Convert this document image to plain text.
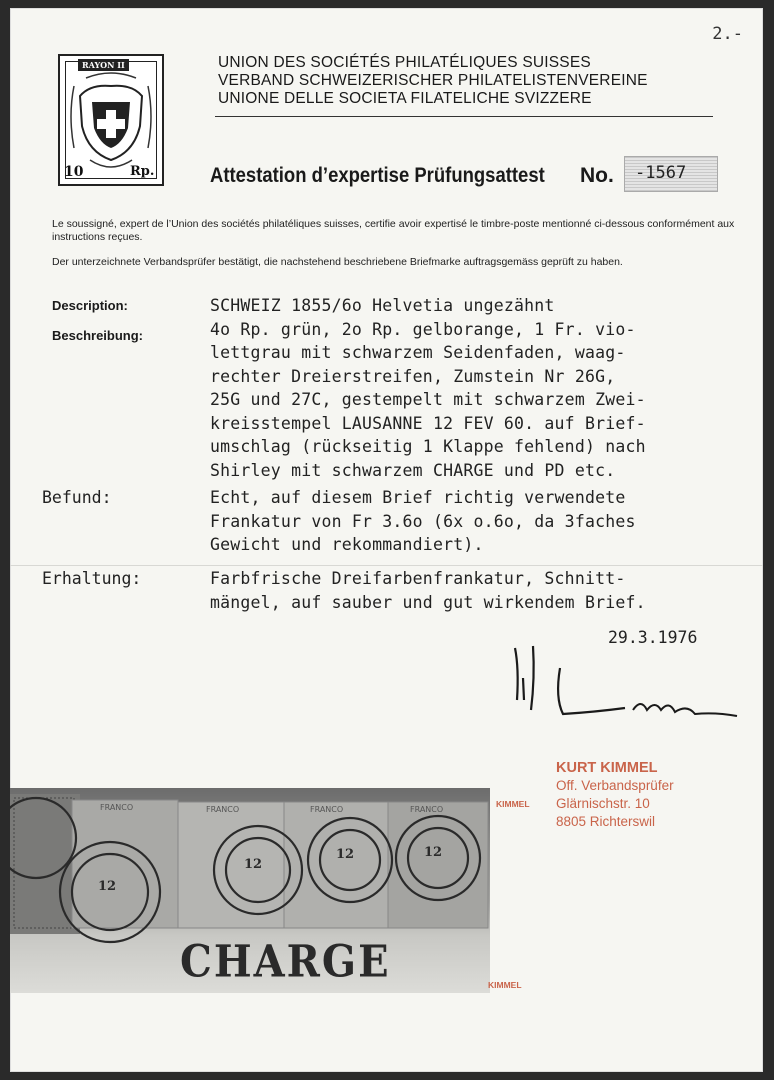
2.-
RAYON II
10	Rp.
UNION DES SOCIÉTÉS PHILATÉLIQUES SUISSES
VERBAND SCHWEIZERISCHER PHILATELISTENVEREINE
UNIONE DELLE SOCIETA FILATELICHE SVIZZERE
Attestation d’expertise Prüfungsattest No. -1567
Le soussigné, expert de l’Union des sociétés philatéliques suisses, certifie avoir expertisé le timbre-poste mentionné ci-dessous conformément aux instructions reçues.
Der unterzeichnete Verbandsprüfer bestätigt, die nachstehend beschriebene Briefmarke auftragsgemäss geprüft zu haben.
Description:
Beschreibung:
SCHWEIZ 1855/6o Helvetia ungezähnt
4o Rp. grün, 2o Rp. gelborange, 1 Fr. vio-
lettgrau mit schwarzem Seidenfaden, waag-
rechter Dreierstreifen, Zumstein Nr 26G,
25G und 27C, gestempelt mit schwarzem Zwei-
kreisstempel LAUSANNE 12 FEV 60. auf Brief-
umschlag (rückseitig 1 Klappe fehlend) nach
Shirley mit schwarzem CHARGE und PD etc.
Befund:	Echt, auf diesem Brief richtig verwendete
Frankatur von Fr 3.6o (6x o.6o, da 3faches
Gewicht und rekommandiert).
Erhaltung:	Farbfrische Dreifarbenfrankatur, Schnitt-
mängel, auf sauber und gut wirkendem Brief.
29.3.1976
KURT KIMMEL
Off. Verbandsprüfer
Glärnischstr. 10
8805 Richterswil
12
12
12	12
FRANCO	FRANCO	FRANCO	FRANCO
CHARGE
KIMMEL
KIMMEL
